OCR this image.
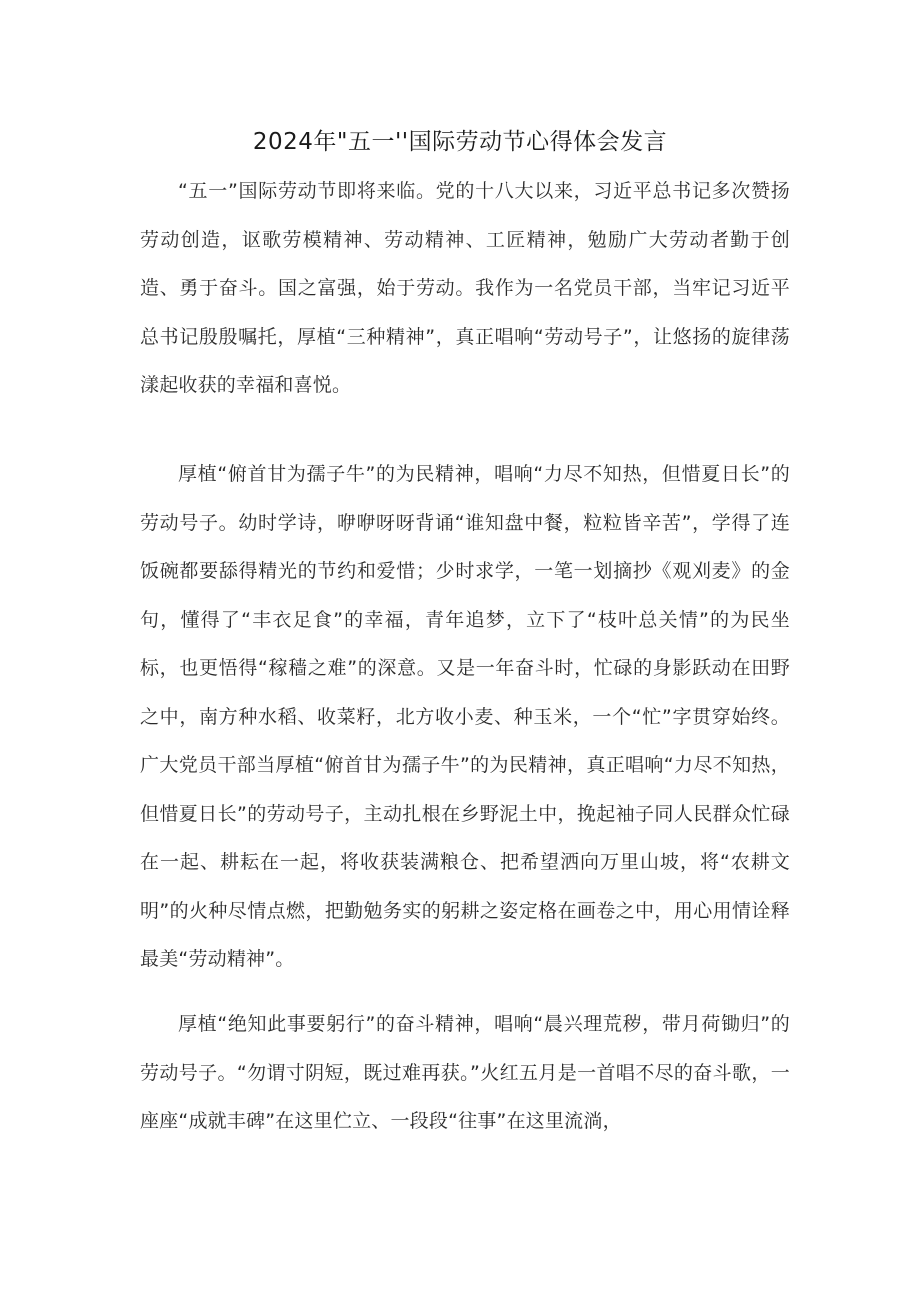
2024年"五一''国际劳动节心得体会发言

“五一”国际劳动节即将来临。党的十八大以来，习近平总书记多次赞扬劳动创造，讴歌劳模精神、劳动精神、工匠精神，勉励广大劳动者勤于创造、勇于奋斗。国之富强，始于劳动。我作为一名党员干部，当牢记习近平总书记殷殷嘱托，厚植“三种精神”，真正唱响“劳动号子”，让悠扬的旋律荡漾起收获的幸福和喜悦。

厚植“俯首甘为孺子牛”的为民精神，唱响“力尽不知热，但惜夏日长”的劳动号子。幼时学诗，咿咿呀呀背诵“谁知盘中餐，粒粒皆辛苦”，学得了连饭碗都要舔得精光的节约和爱惜；少时求学，一笔一划摘抄《观刈麦》的金句，懂得了“丰衣足食”的幸福，青年追梦，立下了“枝叶总关情”的为民坐标，也更悟得“稼穑之难”的深意。又是一年奋斗时，忙碌的身影跃动在田野之中，南方种水稻、收菜籽，北方收小麦、种玉米，一个“忙”字贯穿始终。广大党员干部当厚植“俯首甘为孺子牛”的为民精神，真正唱响“力尽不知热，但惜夏日长”的劳动号子，主动扎根在乡野泥土中，挽起袖子同人民群众忙碌在一起、耕耘在一起，将收获装满粮仓、把希望洒向万里山坡，将“农耕文明”的火种尽情点燃，把勤勉务实的躬耕之姿定格在画卷之中，用心用情诠释最美“劳动精神”。

厚植“绝知此事要躬行”的奋斗精神，唱响“晨兴理荒秽，带月荷锄归”的劳动号子。“勿谓寸阴短，既过难再获。”火红五月是一首唱不尽的奋斗歌，一座座“成就丰碑”在这里伫立、一段段“往事”在这里流淌，
